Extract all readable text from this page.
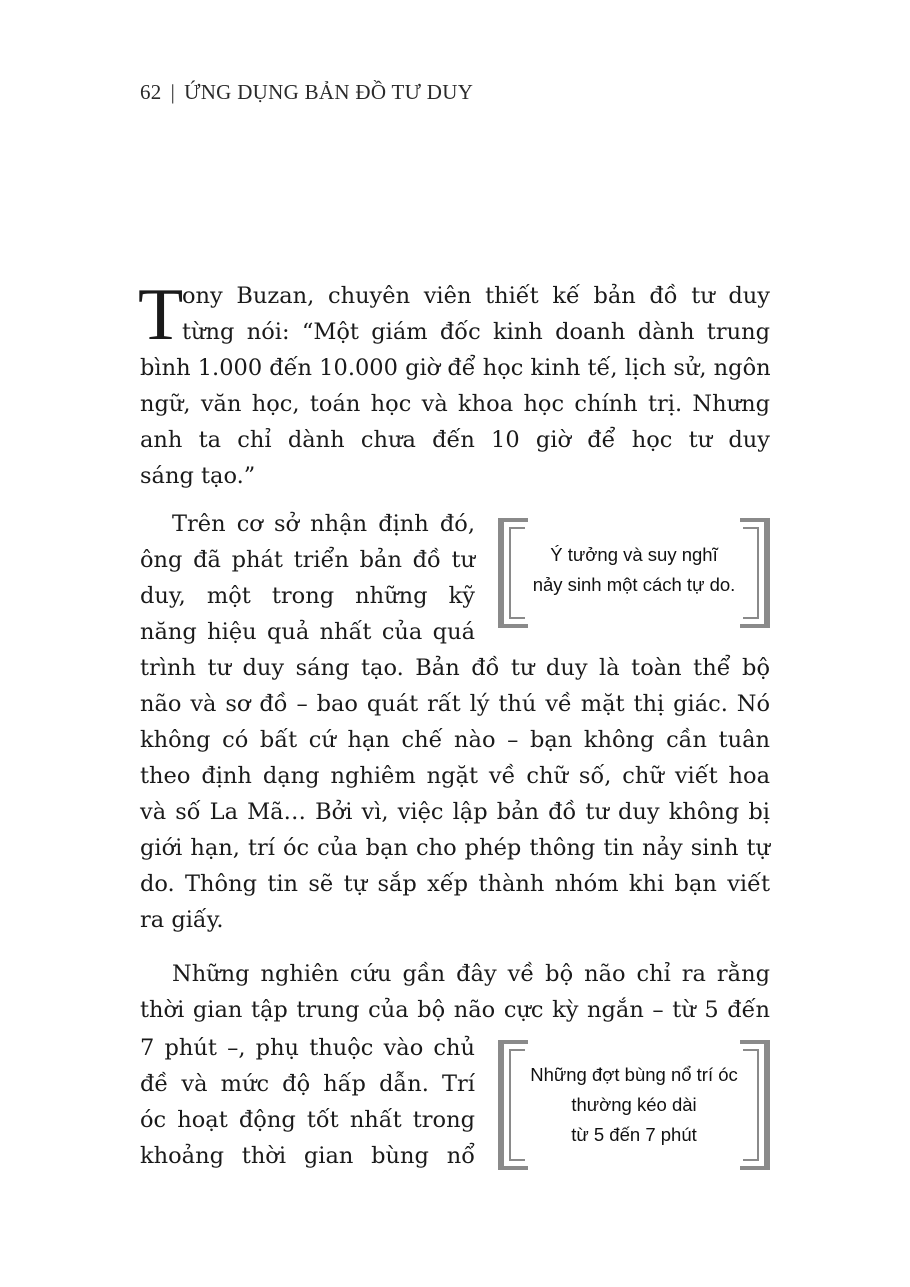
62 | ỨNG DỤNG BẢN ĐỒ TƯ DUY
T
ony Buzan, chuyên viên thiết kế bản đồ tư duy
từng nói: “Một giám đốc kinh doanh dành trung
bình 1.000 đến 10.000 giờ để học kinh tế, lịch sử, ngôn
ngữ, văn học, toán học và khoa học chính trị. Nhưng
anh ta chỉ dành chưa đến 10 giờ để học tư duy
sáng tạo.”
Trên cơ sở nhận định đó,
ông đã phát triển bản đồ tư
duy, một trong những kỹ
năng hiệu quả nhất của quá
Ý tưởng và suy nghĩ
nảy sinh một cách tự do.
trình tư duy sáng tạo. Bản đồ tư duy là toàn thể bộ
não và sơ đồ – bao quát rất lý thú về mặt thị giác. Nó
không có bất cứ hạn chế nào – bạn không cần tuân
theo định dạng nghiêm ngặt về chữ số, chữ viết hoa
và số La Mã… Bởi vì, việc lập bản đồ tư duy không bị
giới hạn, trí óc của bạn cho phép thông tin nảy sinh tự
do. Thông tin sẽ tự sắp xếp thành nhóm khi bạn viết
ra giấy.
Những nghiên cứu gần đây về bộ não chỉ ra rằng
thời gian tập trung của bộ não cực kỳ ngắn – từ 5 đến
7 phút –, phụ thuộc vào chủ
đề và mức độ hấp dẫn. Trí
óc hoạt động tốt nhất trong
khoảng thời gian bùng nổ
Những đợt bùng nổ trí óc
thường kéo dài
từ 5 đến 7 phút
